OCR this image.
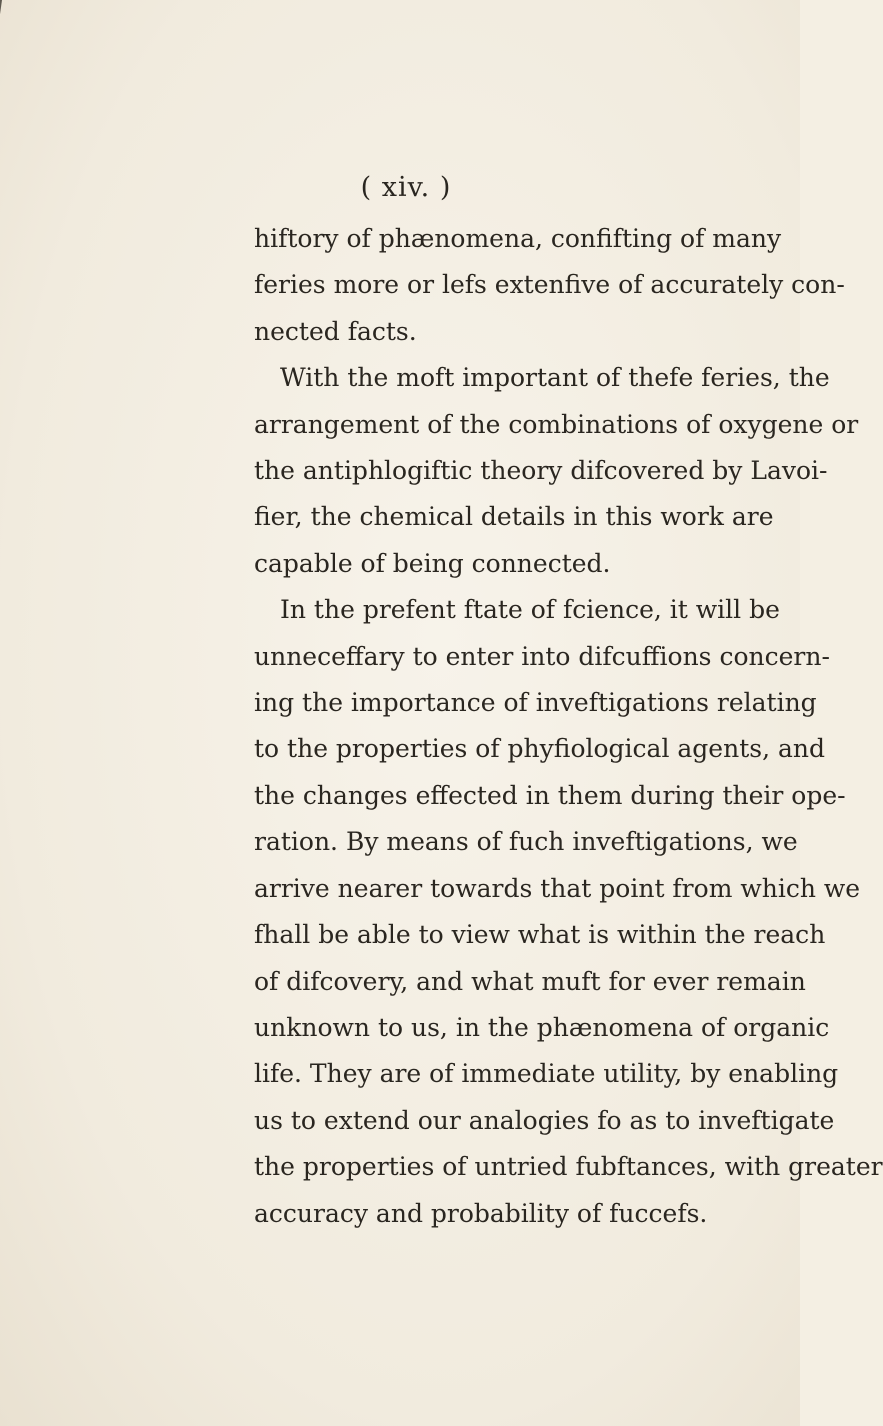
( xiv. )
hiftory of phænomena, confifting of many
feries more or lefs extenfive of accurately con-
nected facts.
With the moft important of thefe feries, the
arrangement of the combinations of oxygene or
the antiphlogiftic theory difcovered by Lavoi-
fier, the chemical details in this work are
capable of being connected.
In the prefent ftate of fcience, it will be
unneceffary to enter into difcuffions concern-
ing the importance of inveftigations relating
to the properties of phyfiological agents, and
the changes effected in them during their ope-
ration. By means of fuch inveftigations, we
arrive nearer towards that point from which we
fhall be able to view what is within the reach
of difcovery, and what muft for ever remain
unknown to us, in the phænomena of organic
life. They are of immediate utility, by enabling
us to extend our analogies fo as to inveftigate
the properties of untried fubftances, with greater
accuracy and probability of fuccefs.
